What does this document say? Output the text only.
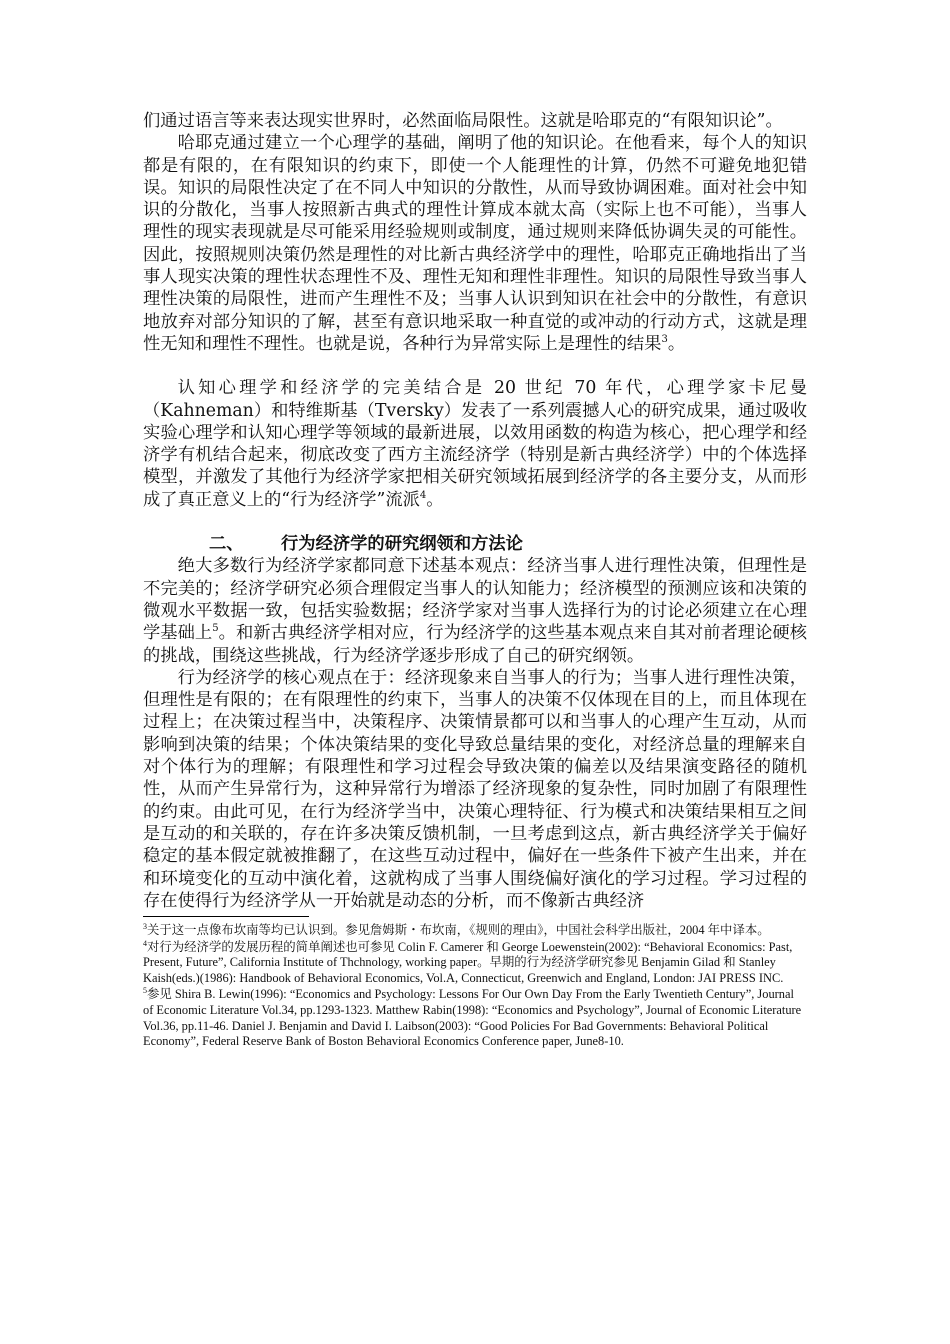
们通过语言等来表达现实世界时，必然面临局限性。这就是哈耶克的“有限知识论”。

哈耶克通过建立一个心理学的基础，阐明了他的知识论。在他看来，每个人的知识都是有限的，在有限知识的约束下，即使一个人能理性的计算，仍然不可避免地犯错误。知识的局限性决定了在不同人中知识的分散性，从而导致协调困难。面对社会中知识的分散化，当事人按照新古典式的理性计算成本就太高（实际上也不可能），当事人理性的现实表现就是尽可能采用经验规则或制度，通过规则来降低协调失灵的可能性。因此，按照规则决策仍然是理性的对比新古典经济学中的理性，哈耶克正确地指出了当事人现实决策的理性状态理性不及、理性无知和理性非理性。知识的局限性导致当事人理性决策的局限性，进而产生理性不及；当事人认识到知识在社会中的分散性，有意识地放弃对部分知识的了解，甚至有意识地采取一种直觉的或冲动的行动方式，这就是理性无知和理性不理性。也就是说，各种行为异常实际上是理性的结果$^3$。

认知心理学和经济学的完美结合是 20 世纪 70 年代，心理学家卡尼曼（Kahneman）和特维斯基（Tversky）发表了一系列震撼人心的研究成果，通过吸收实验心理学和认知心理学等领域的最新进展，以效用函数的构造为核心，把心理学和经济学有机结合起来，彻底改变了西方主流经济学（特别是新古典经济学）中的个体选择模型，并激发了其他行为经济学家把相关研究领域拓展到经济学的各主要分支，从而形成了真正意义上的“行为经济学”流派$^4$。

二、 行为经济学的研究纲领和方法论

绝大多数行为经济学家都同意下述基本观点：经济当事人进行理性决策，但理性是不完美的；经济学研究必须合理假定当事人的认知能力；经济模型的预测应该和决策的微观水平数据一致，包括实验数据；经济学家对当事人选择行为的讨论必须建立在心理学基础上$^5$。和新古典经济学相对应，行为经济学的这些基本观点来自其对前者理论硬核的挑战，围绕这些挑战，行为经济学逐步形成了自己的研究纲领。

行为经济学的核心观点在于：经济现象来自当事人的行为；当事人进行理性决策，但理性是有限的；在有限理性的约束下，当事人的决策不仅体现在目的上，而且体现在过程上；在决策过程当中，决策程序、决策情景都可以和当事人的心理产生互动，从而影响到决策的结果；个体决策结果的变化导致总量结果的变化，对经济总量的理解来自对个体行为的理解；有限理性和学习过程会导致决策的偏差以及结果演变路径的随机性，从而产生异常行为，这种异常行为增添了经济现象的复杂性，同时加剧了有限理性的约束。由此可见，在行为经济学当中，决策心理特征、行为模式和决策结果相互之间是互动的和关联的，存在许多决策反馈机制，一旦考虑到这点，新古典经济学关于偏好稳定的基本假定就被推翻了，在这些互动过程中，偏好在一些条件下被产生出来，并在和环境变化的互动中演化着，这就构成了当事人围绕偏好演化的学习过程。学习过程的存在使得行为经济学从一开始就是动态的分析，而不像新古典经济

$^3$关于这一点像布坎南等均已认识到。参见詹姆斯・布坎南，《规则的理由》，中国社会科学出版社，2004 年中译本。

$^4$对行为经济学的发展历程的简单阐述也可参见 Colin F. Camerer 和 George Loewenstein(2002): “Behavioral Economics: Past, Present, Future”, California Institute of Thchnology, working paper。早期的行为经济学研究参见 Benjamin Gilad 和 Stanley Kaish(eds.)(1986): Handbook of Behavioral Economics, Vol.A, Connecticut, Greenwich and England, London: JAI PRESS INC.

$^5$参见 Shira B. Lewin(1996): “Economics and Psychology: Lessons For Our Own Day From the Early Twentieth Century”, Journal of Economic Literature Vol.34, pp.1293-1323. Matthew Rabin(1998): “Economics and Psychology”, Journal of Economic Literature Vol.36, pp.11-46. Daniel J. Benjamin and David I. Laibson(2003): “Good Policies For Bad Governments: Behavioral Political Economy”, Federal Reserve Bank of Boston Behavioral Economics Conference paper, June8-10.
